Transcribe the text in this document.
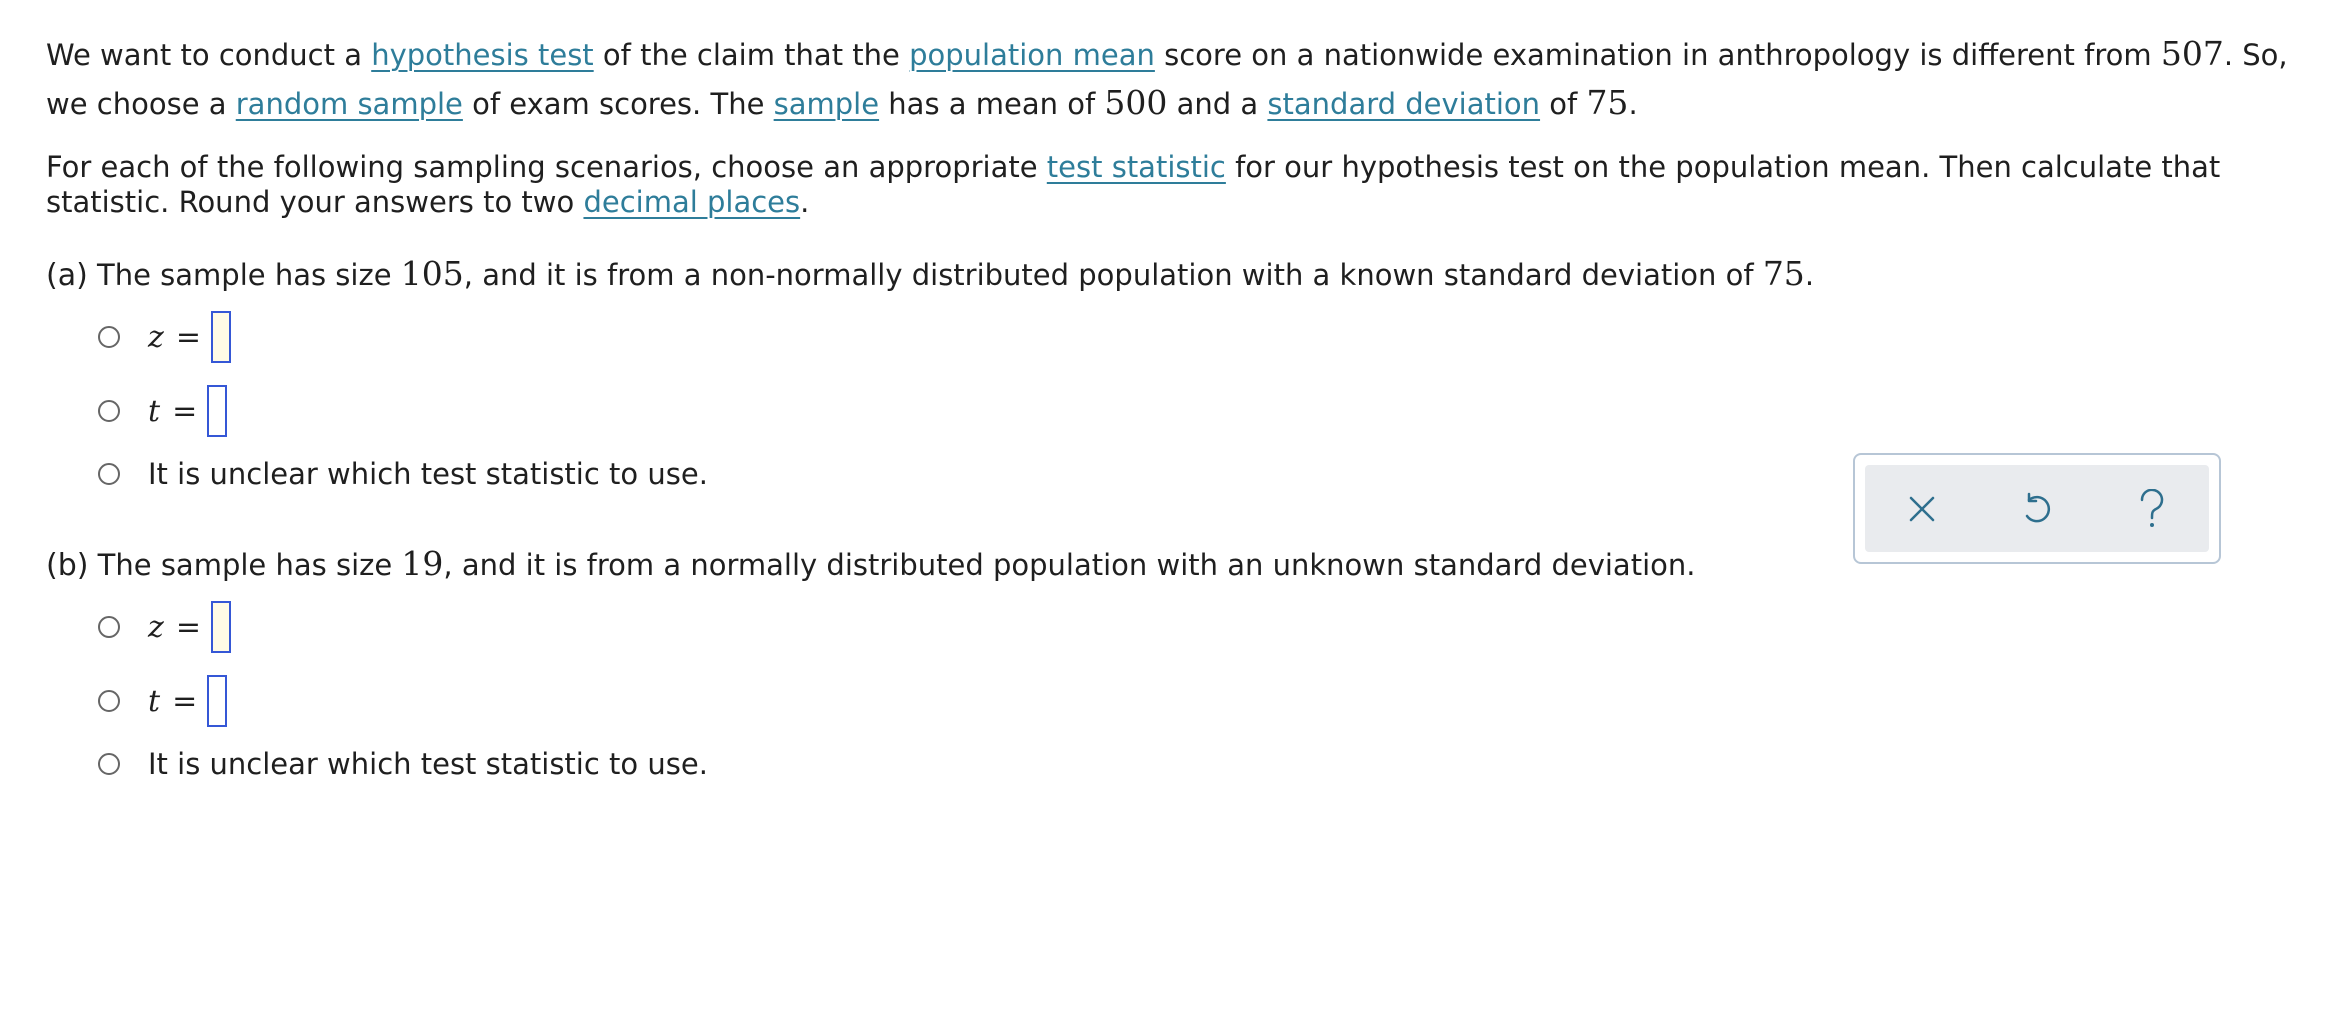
We want to conduct a hypothesis test of the claim that the population mean score on a nationwide examination in anthropology is different from 507. So, we choose a random sample of exam scores. The sample has a mean of 500 and a standard deviation of 75.

For each of the following sampling scenarios, choose an appropriate test statistic for our hypothesis test on the population mean. Then calculate that statistic. Round your answers to two decimal places.

(a) The sample has size 105, and it is from a non-normally distributed population with a known standard deviation of 75.

z =
t =
It is unclear which test statistic to use.

(b) The sample has size 19, and it is from a normally distributed population with an unknown standard deviation.

z =
t =
It is unclear which test statistic to use.
